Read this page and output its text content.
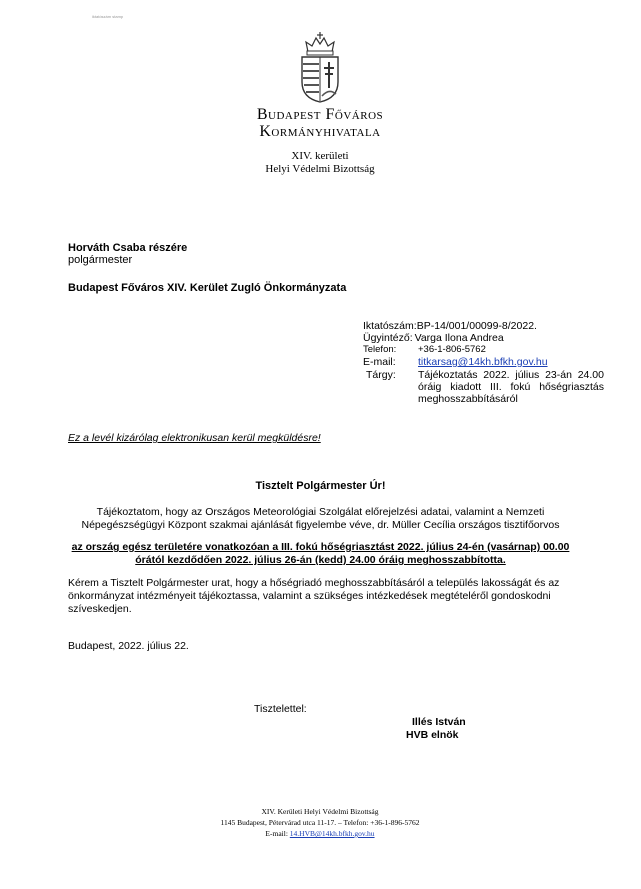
iktatószám stamp
Budapest Főváros
Kormányhivatala
XIV. kerületi
Helyi Védelmi Bizottság
Horváth Csaba részére
polgármester
Budapest Főváros XIV. Kerület Zugló Önkormányzata
Iktatószám: BP-14/001/00099-8/2022.
Ügyintéző: Varga Ilona Andrea
Telefon:	+36-1-806-5762
E-mail:	titkarsag@14kh.bfkh.gov.hu
Tárgy:	Tájékoztatás 2022. július 23-án 24.00 óráig kiadott III. fokú hőségriasztás meghosszabbításáról
Ez a levél kizárólag elektronikusan kerül megküldésre!
Tisztelt Polgármester Úr!
Tájékoztatom, hogy az Országos Meteorológiai Szolgálat előrejelzési adatai, valamint a Nemzeti Népegészségügyi Központ szakmai ajánlását figyelembe véve, dr. Müller Cecília országos tisztifőorvos
az ország egész területére vonatkozóan a III. fokú hőségriasztást 2022. július 24-én (vasárnap) 00.00 órától kezdődően 2022. július 26-án (kedd) 24.00 óráig meghosszabbította.
Kérem a Tisztelt Polgármester urat, hogy a hőségriadó meghosszabbításáról a település lakosságát és az önkormányzat intézményeit tájékoztassa, valamint a szükséges intézkedések megtételéről gondoskodni szíveskedjen.
Budapest, 2022. július 22.
Tisztelettel:
Illés István
HVB elnök
XIV. Kerületi Helyi Védelmi Bizottság
1145 Budapest, Pétervárad utca 11-17. – Telefon: +36-1-896-5762
E-mail: 14.HVB@14kh.bfkh.gov.hu
